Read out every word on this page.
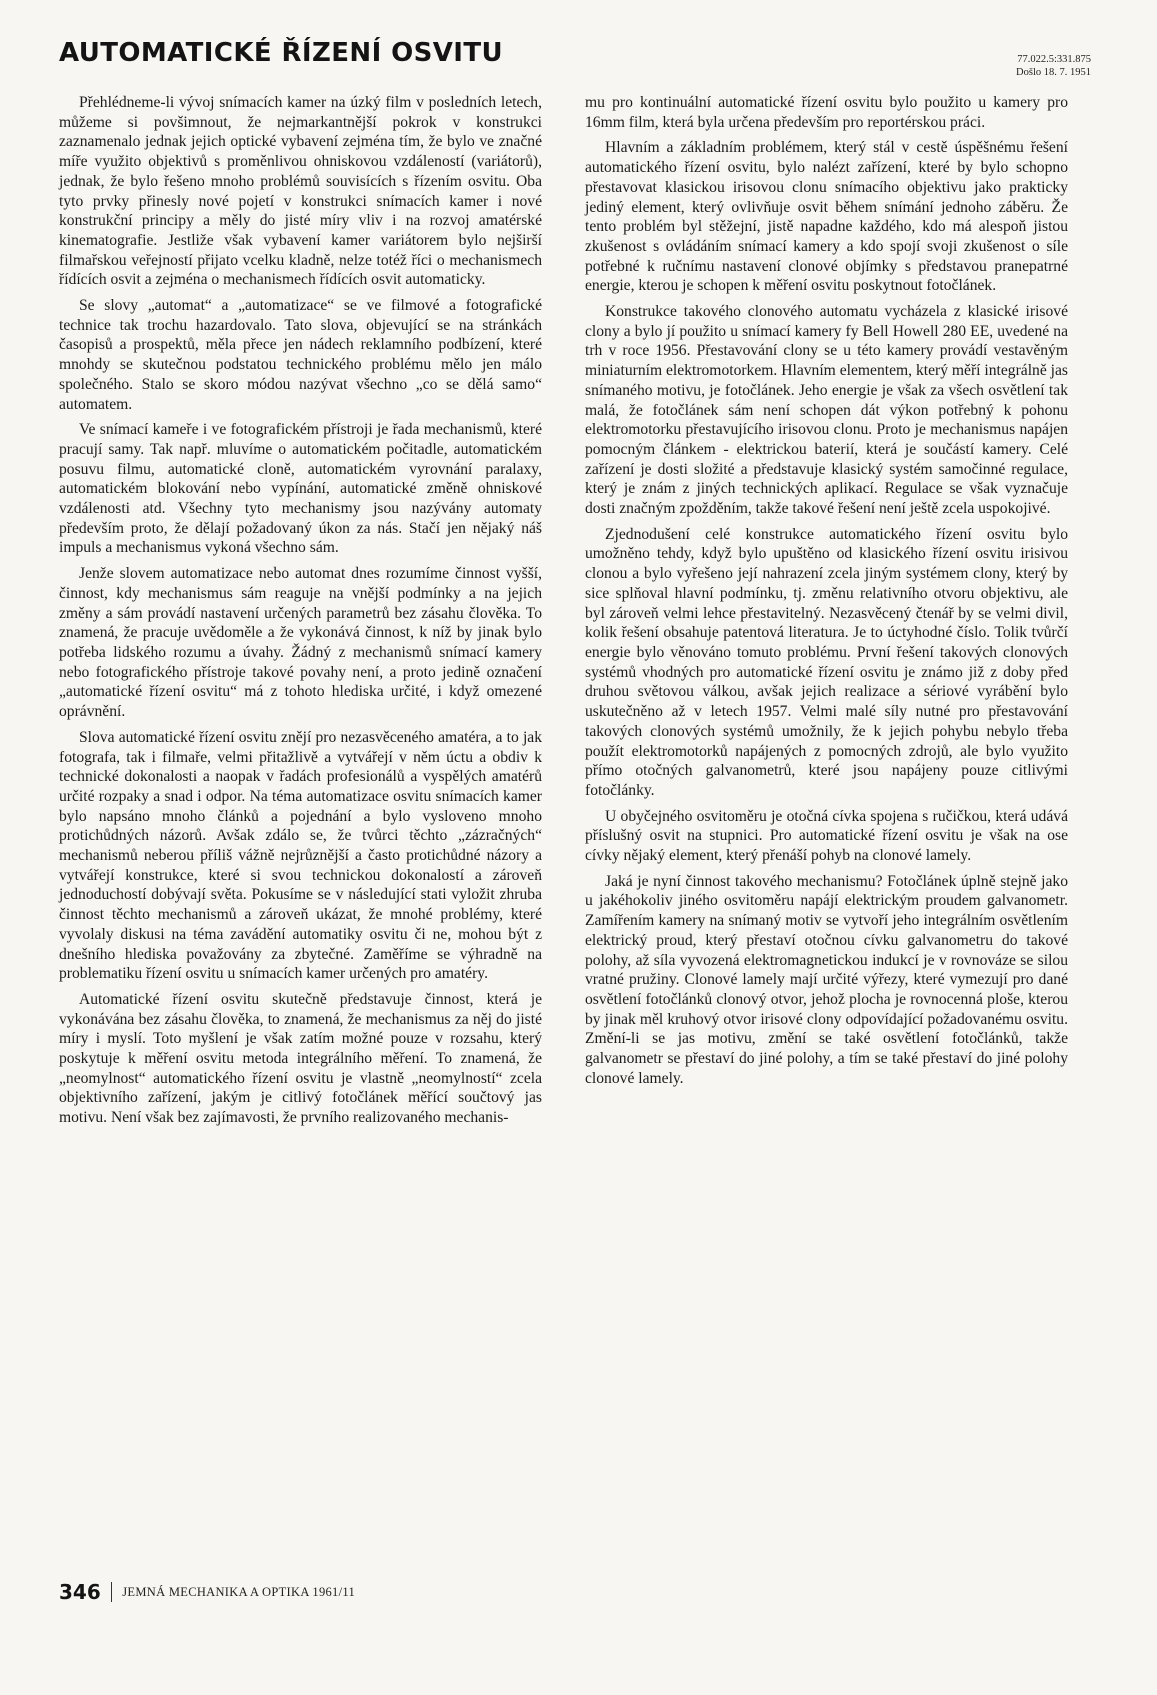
AUTOMATICKÉ ŘÍZENÍ OSVITU	77.022.5:331.875
Došlo 18. 7. 1951

Přehlédneme-li vývoj snímacích kamer na úzký film v posledních letech, můžeme si povšimnout, že nejmarkantnější pokrok v konstrukci zaznamenalo jednak jejich optické vybavení zejména tím, že bylo ve značné míře využito objektivů s proměnlivou ohniskovou vzdáleností (variátorů), jednak, že bylo řešeno mnoho problémů souvisících s řízením osvitu. Oba tyto prvky přinesly nové pojetí v konstrukci snímacích kamer i nové konstrukční principy a měly do jisté míry vliv i na rozvoj amatérské kinematografie. Jestliže však vybavení kamer variátorem bylo nejširší filmařskou veřejností přijato vcelku kladně, nelze totéž říci o mechanismech řídících osvit a zejména o mechanismech řídících osvit automaticky.

Se slovy „automat“ a „automatizace“ se ve filmové a fotografické technice tak trochu hazardovalo. Tato slova, objevující se na stránkách časopisů a prospektů, měla přece jen nádech reklamního podbízení, které mnohdy se skutečnou podstatou technického problému mělo jen málo společného. Stalo se skoro módou nazývat všechno „co se dělá samo“ automatem.

Ve snímací kameře i ve fotografickém přístroji je řada mechanismů, které pracují samy. Tak např. mluvíme o automatickém počitadle, automatickém posuvu filmu, automatické cloně, automatickém vyrovnání paralaxy, automatickém blokování nebo vypínání, automatické změně ohniskové vzdálenosti atd. Všechny tyto mechanismy jsou nazývány automaty především proto, že dělají požadovaný úkon za nás. Stačí jen nějaký náš impuls a mechanismus vykoná všechno sám.

Jenže slovem automatizace nebo automat dnes rozumíme činnost vyšší, činnost, kdy mechanismus sám reaguje na vnější podmínky a na jejich změny a sám provádí nastavení určených parametrů bez zásahu člověka. To znamená, že pracuje uvědoměle a že vykonává činnost, k níž by jinak bylo potřeba lidského rozumu a úvahy. Žádný z mechanismů snímací kamery nebo fotografického přístroje takové povahy není, a proto jedině označení „automatické řízení osvitu“ má z tohoto hlediska určité, i když omezené oprávnění.

Slova automatické řízení osvitu znějí pro nezasvěceného amatéra, a to jak fotografa, tak i filmaře, velmi přitažlivě a vytvářejí v něm úctu a obdiv k technické dokonalosti a naopak v řadách profesionálů a vyspělých amatérů určité rozpaky a snad i odpor. Na téma automatizace osvitu snímacích kamer bylo napsáno mnoho článků a pojednání a bylo vysloveno mnoho protichůdných názorů. Avšak zdálo se, že tvůrci těchto „zázračných“ mechanismů neberou příliš vážně nejrůznější a často protichůdné názory a vytvářejí konstrukce, které si svou technickou dokonalostí a zároveň jednoduchostí dobývají světa. Pokusíme se v následující stati vyložit zhruba činnost těchto mechanismů a zároveň ukázat, že mnohé problémy, které vyvolaly diskusi na téma zavádění automatiky osvitu či ne, mohou být z dnešního hlediska považovány za zbytečné. Zaměříme se výhradně na problematiku řízení osvitu u snímacích kamer určených pro amatéry.

Automatické řízení osvitu skutečně představuje činnost, která je vykonávána bez zásahu člověka, to znamená, že mechanismus za něj do jisté míry i myslí. Toto myšlení je však zatím možné pouze v rozsahu, který poskytuje k měření osvitu metoda integrálního měření. To znamená, že „neomylnost“ automatického řízení osvitu je vlastně „neomylností“ zcela objektivního zařízení, jakým je citlivý fotočlánek měřící součtový jas motivu. Není však bez zajímavosti, že prvního realizovaného mechanis-

mu pro kontinuální automatické řízení osvitu bylo použito u kamery pro 16mm film, která byla určena především pro reportérskou práci.

Hlavním a základním problémem, který stál v cestě úspěšnému řešení automatického řízení osvitu, bylo nalézt zařízení, které by bylo schopno přestavovat klasickou irisovou clonu snímacího objektivu jako prakticky jediný element, který ovlivňuje osvit během snímání jednoho záběru. Že tento problém byl stěžejní, jistě napadne každého, kdo má alespoň jistou zkušenost s ovládáním snímací kamery a kdo spojí svoji zkušenost o síle potřebné k ručnímu nastavení clonové objímky s představou pranepatrné energie, kterou je schopen k měření osvitu poskytnout fotočlánek.

Konstrukce takového clonového automatu vycházela z klasické irisové clony a bylo jí použito u snímací kamery fy Bell Howell 280 EE, uvedené na trh v roce 1956. Přestavování clony se u této kamery provádí vestavěným miniaturním elektromotorkem. Hlavním elementem, který měří integrálně jas snímaného motivu, je fotočlánek. Jeho energie je však za všech osvětlení tak malá, že fotočlánek sám není schopen dát výkon potřebný k pohonu elektromotorku přestavujícího irisovou clonu. Proto je mechanismus napájen pomocným článkem - elektrickou baterií, která je součástí kamery. Celé zařízení je dosti složité a představuje klasický systém samočinné regulace, který je znám z jiných technických aplikací. Regulace se však vyznačuje dosti značným zpožděním, takže takové řešení není ještě zcela uspokojivé.

Zjednodušení celé konstrukce automatického řízení osvitu bylo umožněno tehdy, když bylo upuštěno od klasického řízení osvitu irisivou clonou a bylo vyřešeno její nahrazení zcela jiným systémem clony, který by sice splňoval hlavní podmínku, tj. změnu relativního otvoru objektivu, ale byl zároveň velmi lehce přestavitelný. Nezasvěcený čtenář by se velmi divil, kolik řešení obsahuje patentová literatura. Je to úctyhodné číslo. Tolik tvůrčí energie bylo věnováno tomuto problému. První řešení takových clonových systémů vhodných pro automatické řízení osvitu je známo již z doby před druhou světovou válkou, avšak jejich realizace a sériové vyrábění bylo uskutečněno až v letech 1957. Velmi malé síly nutné pro přestavování takových clonových systémů umožnily, že k jejich pohybu nebylo třeba použít elektromotorků napájených z pomocných zdrojů, ale bylo využito přímo otočných galvanometrů, které jsou napájeny pouze citlivými fotočlánky.

U obyčejného osvitoměru je otočná cívka spojena s ručičkou, která udává příslušný osvit na stupnici. Pro automatické řízení osvitu je však na ose cívky nějaký element, který přenáší pohyb na clonové lamely.

Jaká je nyní činnost takového mechanismu? Fotočlánek úplně stejně jako u jakéhokoliv jiného osvitoměru napájí elektrickým proudem galvanometr. Zamířením kamery na snímaný motiv se vytvoří jeho integrálním osvětlením elektrický proud, který přestaví otočnou cívku galvanometru do takové polohy, až síla vyvozená elektromagnetickou indukcí je v rovnováze se silou vratné pružiny. Clonové lamely mají určité výřezy, které vymezují pro dané osvětlení fotočlánků clonový otvor, jehož plocha je rovnocenná ploše, kterou by jinak měl kruhový otvor irisové clony odpovídající požadovanému osvitu. Změní-li se jas motivu, změní se také osvětlení fotočlánků, takže galvanometr se přestaví do jiné polohy, a tím se také přestaví do jiné polohy clonové lamely.

346 JEMNÁ MECHANIKA A OPTIKA 1961/11
